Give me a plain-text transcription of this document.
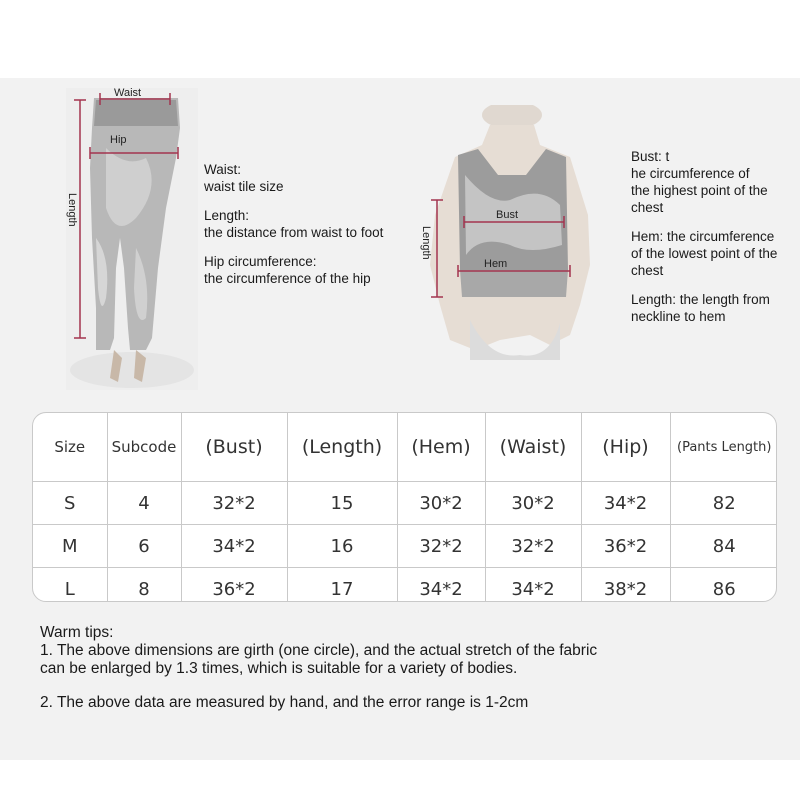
Waist
Hip
Length

Waist:
waist tile size

Length:
the distance from waist to foot

Hip circumference:
the circumference of the hip

Bust
Hem
Length

Bust: t
he circumference of
the highest point of the
chest

Hem: the circumference
of the lowest point of the
chest

Length: the length from
neckline to hem

Size	Subcode	(Bust)	(Length)	(Hem)	(Waist)	(Hip)	(Pants Length)
S	4	32*2	15	30*2	30*2	34*2	82
M	6	34*2	16	32*2	32*2	36*2	84
L	8	36*2	17	34*2	34*2	38*2	86
Warm tips:
1. The above dimensions are girth (one circle), and the actual stretch of the fabric
can be enlarged by 1.3 times, which is suitable for a variety of bodies.
2. The above data are measured by hand, and the error range is 1-2cm
